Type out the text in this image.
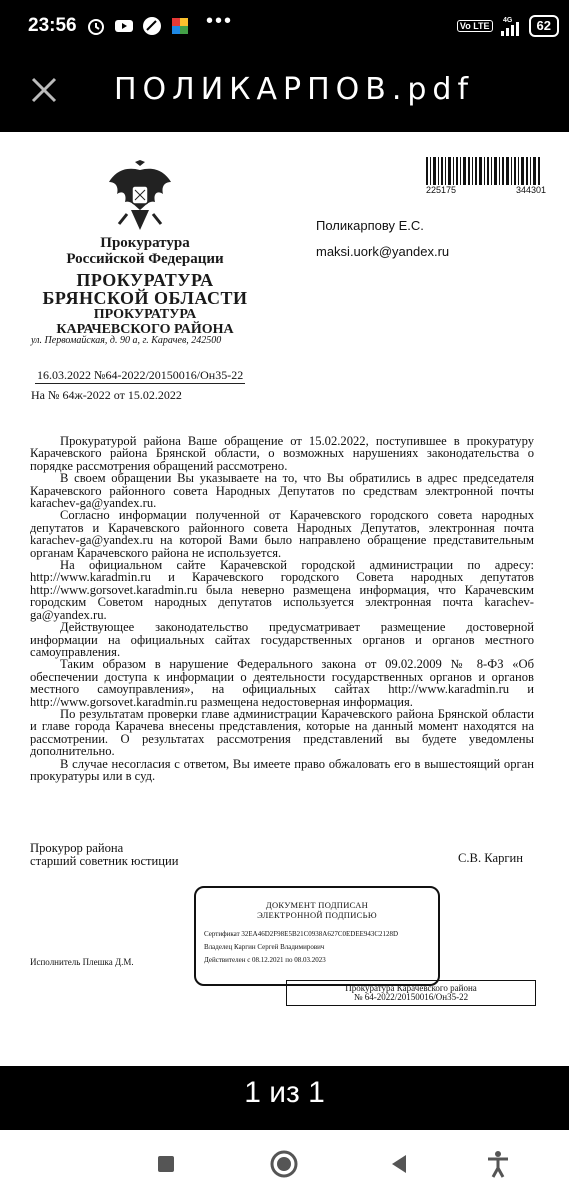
23:56	•••	Vo LTE
4G	62
ПОЛИКАРПОВ.pdf
Прокуратура
Российской Федерации
ПРОКУРАТУРА
БРЯНСКОЙ ОБЛАСТИ
ПРОКУРАТУРА
КАРАЧЕВСКОГО РАЙОНА
ул. Первомайская, д. 90 а, г. Карачев, 242500
16.03.2022 №64-2022/20150016/Он35-22
На № 64ж-2022 от 15.02.2022
225175	344301
Поликарпову Е.С.
maksi.uork@yandex.ru

Прокуратурой района Ваше обращение от 15.02.2022, поступившее в прокуратуру Карачевского района Брянской области, о возможных нарушениях законодательства о порядке рассмотрения обращений рассмотрено.

В своем обращении Вы указываете на то, что Вы обратились в адрес председателя Карачевского районного совета Народных Депутатов по средствам электронной почты karachev-ga@yandex.ru.

Согласно информации полученной от Карачевского городского совета народных депутатов и Карачевского районного совета Народных Депутатов, электронная почта karachev-ga@yandex.ru на которой Вами было направлено обращение представительным органам Карачевского района не используется.

На официальном сайте Карачевской городской администрации по адресу: http://www.karadmin.ru и Карачевского городского Совета народных депутатов http://www.gorsovet.karadmin.ru была неверно размещена информация, что Карачевским городским Советом народных депутатов используется электронная почта karachev-ga@yandex.ru.

Действующее законодательство предусматривает размещение достоверной информации на официальных сайтах государственных органов и органов местного самоуправления.

Таким образом в нарушение Федерального закона от 09.02.2009 № 8-ФЗ «Об обеспечении доступа к информации о деятельности государственных органов и органов местного самоуправления», на официальных сайтах http://www.karadmin.ru и http://www.gorsovet.karadmin.ru размещена недостоверная информация.

По результатам проверки главе администрации Карачевского района Брянской области и главе города Карачева внесены представления, которые на данный момент находятся на рассмотрении. О результатах рассмотрения представлений вы будете уведомлены дополнительно.

В случае несогласия с ответом, Вы имеете право обжаловать его в вышестоящий орган прокуратуры или в суд.

Прокурор района
старший советник юстиции	С.В. Каргин
ДОКУМЕНТ ПОДПИСАН
ЭЛЕКТРОННОЙ ПОДПИСЬЮ
Сертификат 32EA46D2F98E5B21C0938A627C0EDEE943C2128D
Владелец Каргин Сергей Владимирович
Действителен с 08.12.2021 по 08.03.2023
Исполнитель Плешка Д.М.
Прокуратура Карачевского района
№ 64-2022/20150016/Он35-22
1 из 1
